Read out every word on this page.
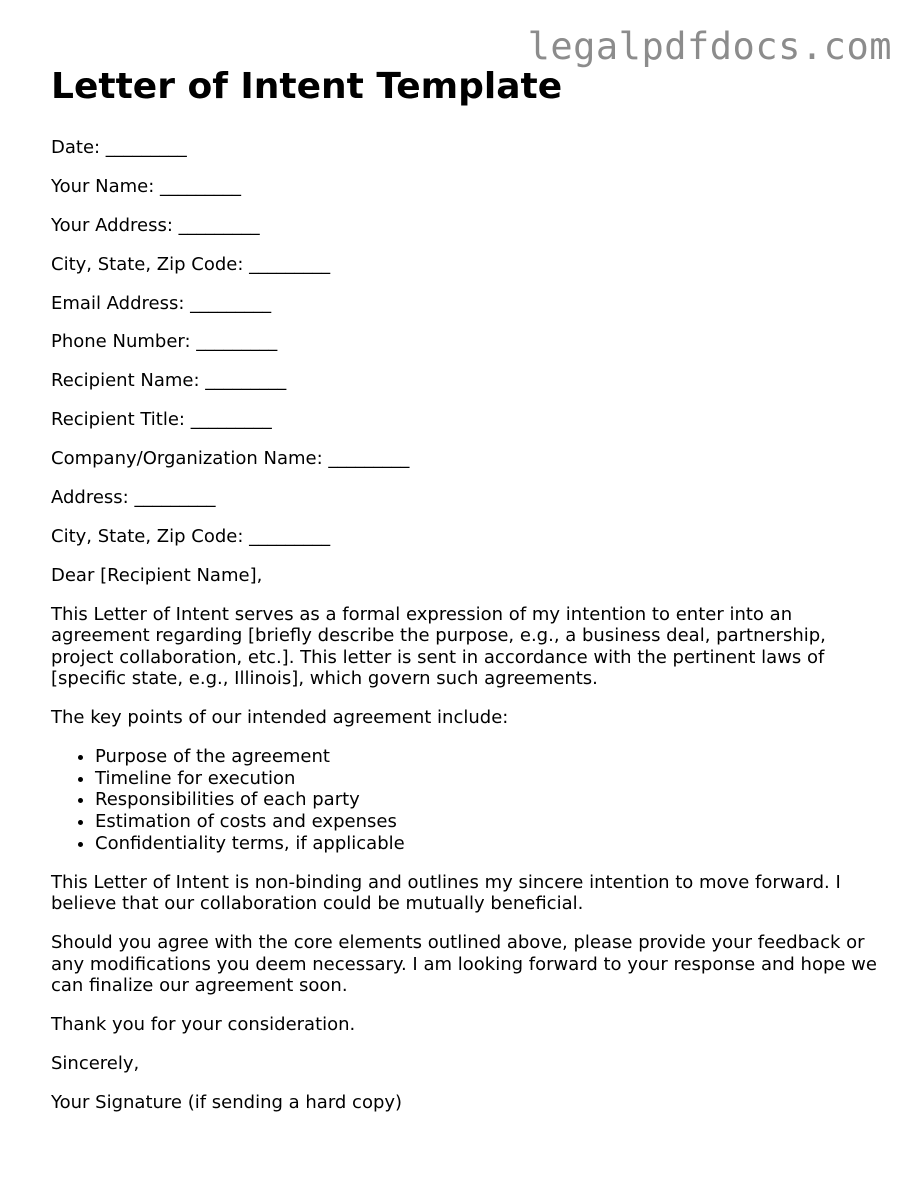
legalpdfdocs.com
Letter of Intent Template

Date: _________

Your Name: _________

Your Address: _________

City, State, Zip Code: _________

Email Address: _________

Phone Number: _________

Recipient Name: _________

Recipient Title: _________

Company/Organization Name: _________

Address: _________

City, State, Zip Code: _________

Dear [Recipient Name],

This Letter of Intent serves as a formal expression of my intention to enter into an agreement regarding [briefly describe the purpose, e.g., a business deal, partnership, project collaboration, etc.]. This letter is sent in accordance with the pertinent laws of [specific state, e.g., Illinois], which govern such agreements.

The key points of our intended agreement include:

• Purpose of the agreement
• Timeline for execution
• Responsibilities of each party
• Estimation of costs and expenses
• Confidentiality terms, if applicable

This Letter of Intent is non-binding and outlines my sincere intention to move forward. I believe that our collaboration could be mutually beneficial.

Should you agree with the core elements outlined above, please provide your feedback or any modifications you deem necessary. I am looking forward to your response and hope we can finalize our agreement soon.

Thank you for your consideration.

Sincerely,

Your Signature (if sending a hard copy)
